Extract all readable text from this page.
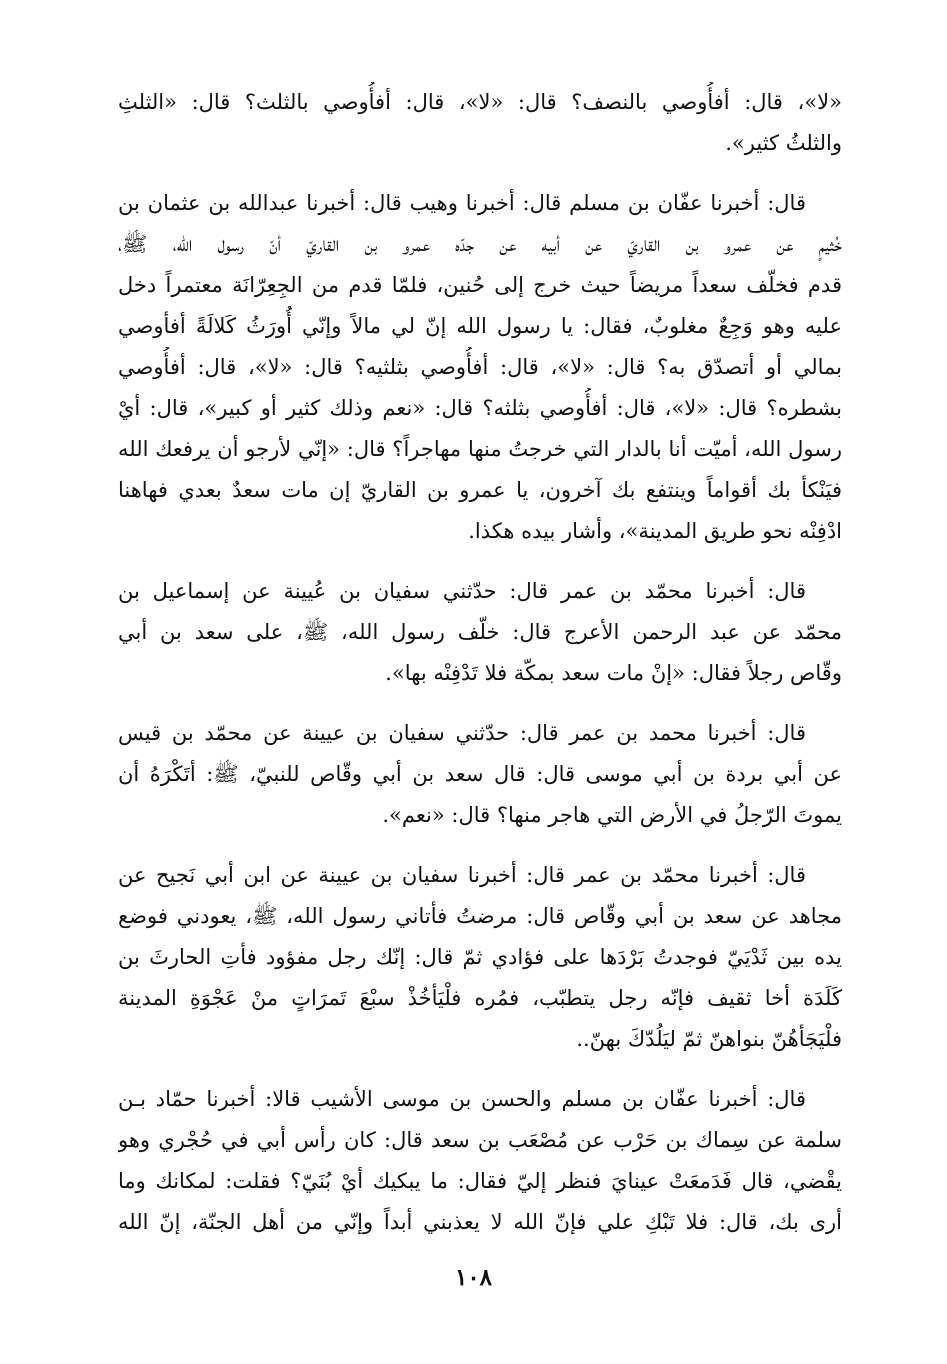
«لا»، قال: أفأُوصي بالنصف؟ قال: «لا»، قال: أفأُوصي بالثلث؟ قال: «الثلثِ
والثلثُ كثير».
قال: أخبرنا عفّان بن مسلم قال: أخبرنا وهيب قال: أخبرنا عبدالله بن عثمان بن
خُثيمٍ عن عمرو بن القاريّ عن أبيه عن جدّه عمرو بن القاريّ أنّ رسول الله، ﷺ،
قدم فخلّف سعداً مريضاً حيث خرج إلى حُنين، فلمّا قدم من الجِعِرّانَة معتمراً دخل
عليه وهو وَجِعٌ مغلوبٌ، فقال: يا رسول الله إنّ لي مالاً وإنّي أُورَثُ كَلالَةً أفأوصي
بمالي أو أتصدّق به؟ قال: «لا»، قال: أفأُوصي بثلثيه؟ قال: «لا»، قال: أفأُوصي
بشطره؟ قال: «لا»، قال: أفأُوصي بثلثه؟ قال: «نعم وذلك كثير أو كبير»، قال: أيْ
رسول الله، أميّت أنا بالدار التي خرجتُ منها مهاجراً؟ قال: «إنّي لأرجو أن يرفعك الله
فيَنْكأ بك أقواماً وينتفع بك آخرون، يا عمرو بن القاريّ إن مات سعدٌ بعدي فهاهنا
ادْفِنْه نحو طريق المدينة»، وأشار بيده هكذا.
قال: أخبرنا محمّد بن عمر قال: حدّثني سفيان بن عُيينة عن إسماعيل بن
محمّد عن عبد الرحمن الأعرج قال: خلّف رسول الله، ﷺ، على سعد بن أبي
وقّاص رجلاً فقال: «إنْ مات سعد بمكّة فلا تَدْفِنْه بها».
قال: أخبرنا محمد بن عمر قال: حدّثني سفيان بن عيينة عن محمّد بن قيس
عن أبي بردة بن أبي موسى قال: قال سعد بن أبي وقّاص للنبيّ، ﷺ: أتَكْرَهُ أن
يموتَ الرّجلُ في الأرض التي هاجر منها؟ قال: «نعم».
قال: أخبرنا محمّد بن عمر قال: أخبرنا سفيان بن عيينة عن ابن أبي نَجيح عن
مجاهد عن سعد بن أبي وقّاص قال: مرضتُ فأتاني رسول الله، ﷺ، يعودني فوضع
يده بين ثَدْيَيّ فوجدتُ بَرْدَها على فؤادي ثمّ قال: إنّك رجل مفؤود فأتِ الحارثَ بن
كَلَدَة أخا ثقيف فإنّه رجل يتطبّب، فمُره فلْيَأخُذْ سبْعَ تَمرَاتٍ منْ عَجْوَةِ المدينة
فلْيَجَأهُنّ بنواهنّ ثمّ ليَلُدّكَ بهنّ..
قال: أخبرنا عفّان بن مسلم والحسن بن موسى الأشيب قالا: أخبرنا حمّاد بـن
سلمة عن سِماك بن حَرْب عن مُصْعَب بن سعد قال: كان رأس أبي في حُجْري وهو
يقْضي، قال فَدَمعَتْ عينايَ فنظر إليّ فقال: ما يبكيك أيْ بُنَيّ؟ فقلت: لمكانك وما
أرى بك، قال: فلا تَبْكِ علي فإنّ الله لا يعذبني أبداً وإنّي من أهل الجنّة، إنّ الله
١٠٨
